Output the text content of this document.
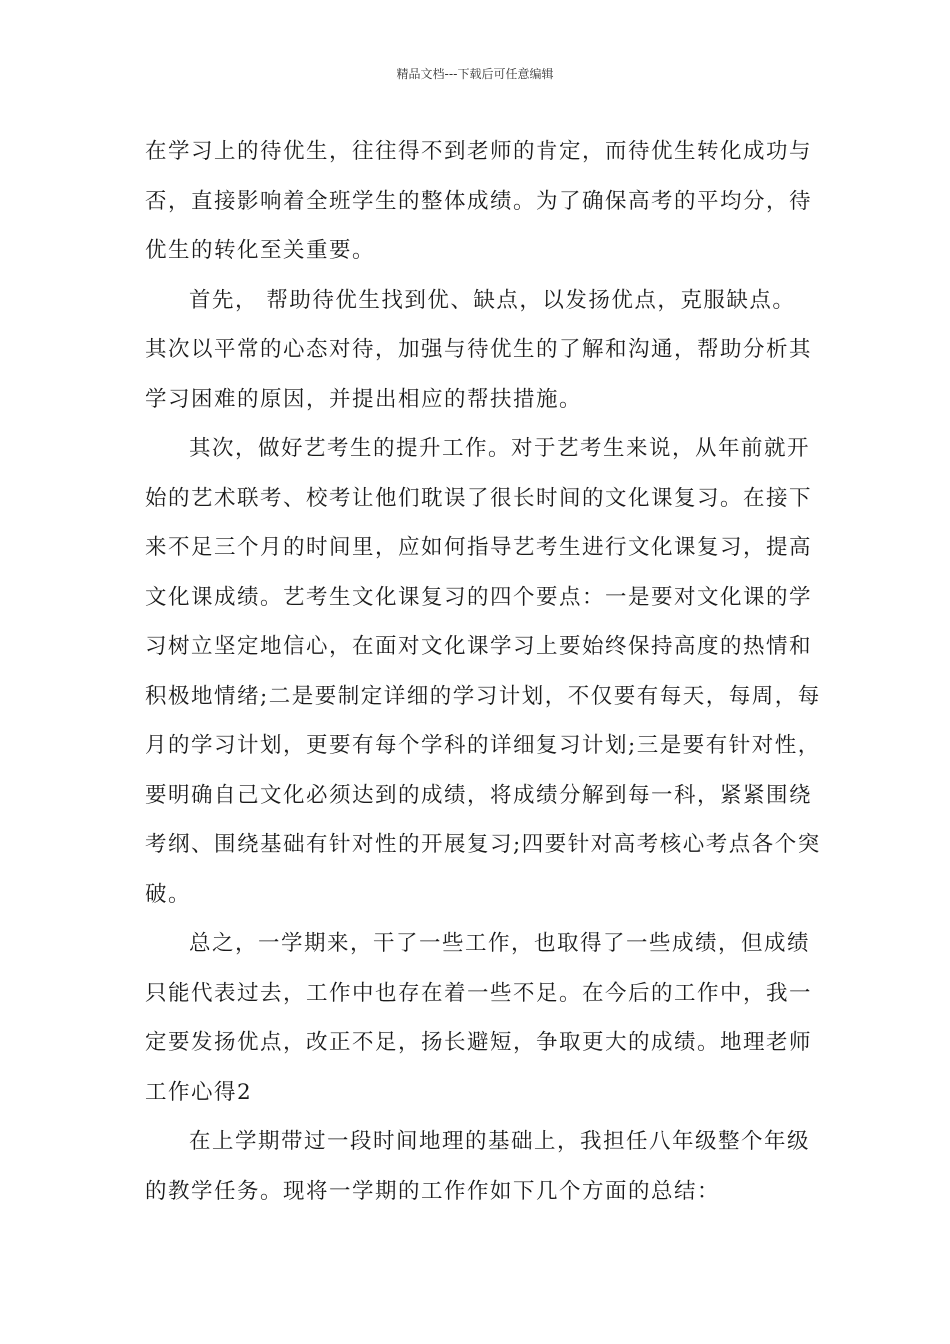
精品文档---下载后可任意编辑
在学习上的待优生，往往得不到老师的肯定，而待优生转化成功与
否，直接影响着全班学生的整体成绩。为了确保高考的平均分，待
优生的转化至关重要。
首先， 帮助待优生找到优、缺点，以发扬优点，克服缺点。
其次以平常的心态对待，加强与待优生的了解和沟通，帮助分析其
学习困难的原因，并提出相应的帮扶措施。
其次，做好艺考生的提升工作。对于艺考生来说，从年前就开
始的艺术联考、校考让他们耽误了很长时间的文化课复习。在接下
来不足三个月的时间里，应如何指导艺考生进行文化课复习，提高
文化课成绩。艺考生文化课复习的四个要点：一是要对文化课的学
习树立坚定地信心，在面对文化课学习上要始终保持高度的热情和
积极地情绪;二是要制定详细的学习计划，不仅要有每天，每周，每
月的学习计划，更要有每个学科的详细复习计划;三是要有针对性，
要明确自己文化必须达到的成绩，将成绩分解到每一科，紧紧围绕
考纲、围绕基础有针对性的开展复习;四要针对高考核心考点各个突
破。
总之，一学期来，干了一些工作，也取得了一些成绩，但成绩
只能代表过去，工作中也存在着一些不足。在今后的工作中，我一
定要发扬优点，改正不足，扬长避短，争取更大的成绩。地理老师
工作心得2
在上学期带过一段时间地理的基础上，我担任八年级整个年级
的教学任务。现将一学期的工作作如下几个方面的总结：
